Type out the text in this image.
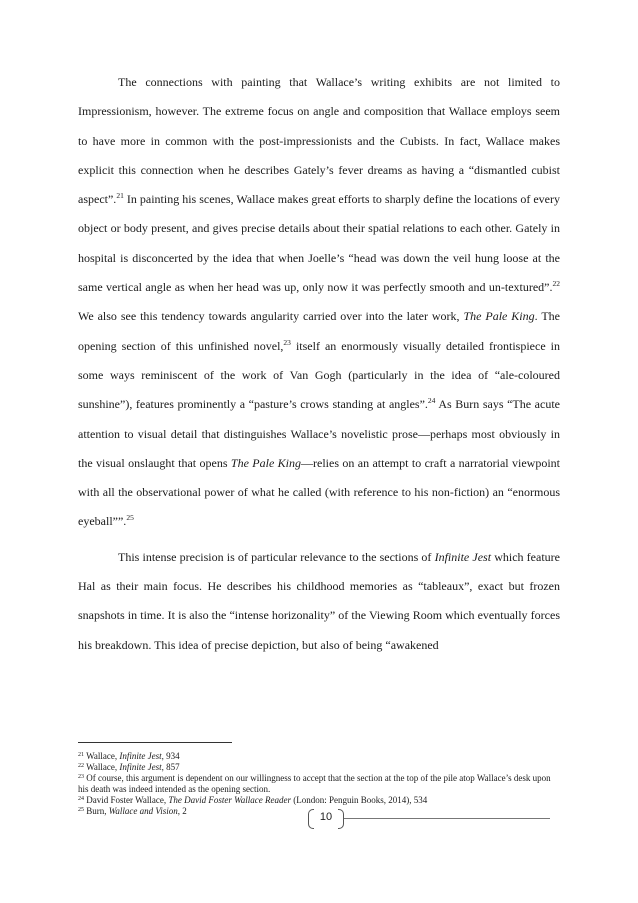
The connections with painting that Wallace’s writing exhibits are not limited to Impressionism, however. The extreme focus on angle and composition that Wallace employs seem to have more in common with the post-impressionists and the Cubists. In fact, Wallace makes explicit this connection when he describes Gately’s fever dreams as having a “dismantled cubist aspect”.$^{21}$ In painting his scenes, Wallace makes great efforts to sharply define the locations of every object or body present, and gives precise details about their spatial relations to each other. Gately in hospital is disconcerted by the idea that when Joelle’s “head was down the veil hung loose at the same vertical angle as when her head was up, only now it was perfectly smooth and un-textured”.$^{22}$ We also see this tendency towards angularity carried over into the later work, The Pale King. The opening section of this unfinished novel,$^{23}$ itself an enormously visually detailed frontispiece in some ways reminiscent of the work of Van Gogh (particularly in the idea of “ale-coloured sunshine”), features prominently a “pasture’s crows standing at angles”.$^{24}$ As Burn says “The acute attention to visual detail that distinguishes Wallace’s novelistic prose—perhaps most obviously in the visual onslaught that opens The Pale King—relies on an attempt to craft a narratorial viewpoint with all the observational power of what he called (with reference to his non-fiction) an “enormous eyeball””.$^{25}$

This intense precision is of particular relevance to the sections of Infinite Jest which feature Hal as their main focus. He describes his childhood memories as “tableaux”, exact but frozen snapshots in time. It is also the “intense horizonality” of the Viewing Room which eventually forces his breakdown. This idea of precise depiction, but also of being “awakened

$^{21}$ Wallace, Infinite Jest, 934

$^{22}$ Wallace, Infinite Jest, 857

$^{23}$ Of course, this argument is dependent on our willingness to accept that the section at the top of the pile atop Wallace’s desk upon his death was indeed intended as the opening section.

$^{24}$ David Foster Wallace, The David Foster Wallace Reader (London: Penguin Books, 2014), 534

$^{25}$ Burn, Wallace and Vision, 2	10
